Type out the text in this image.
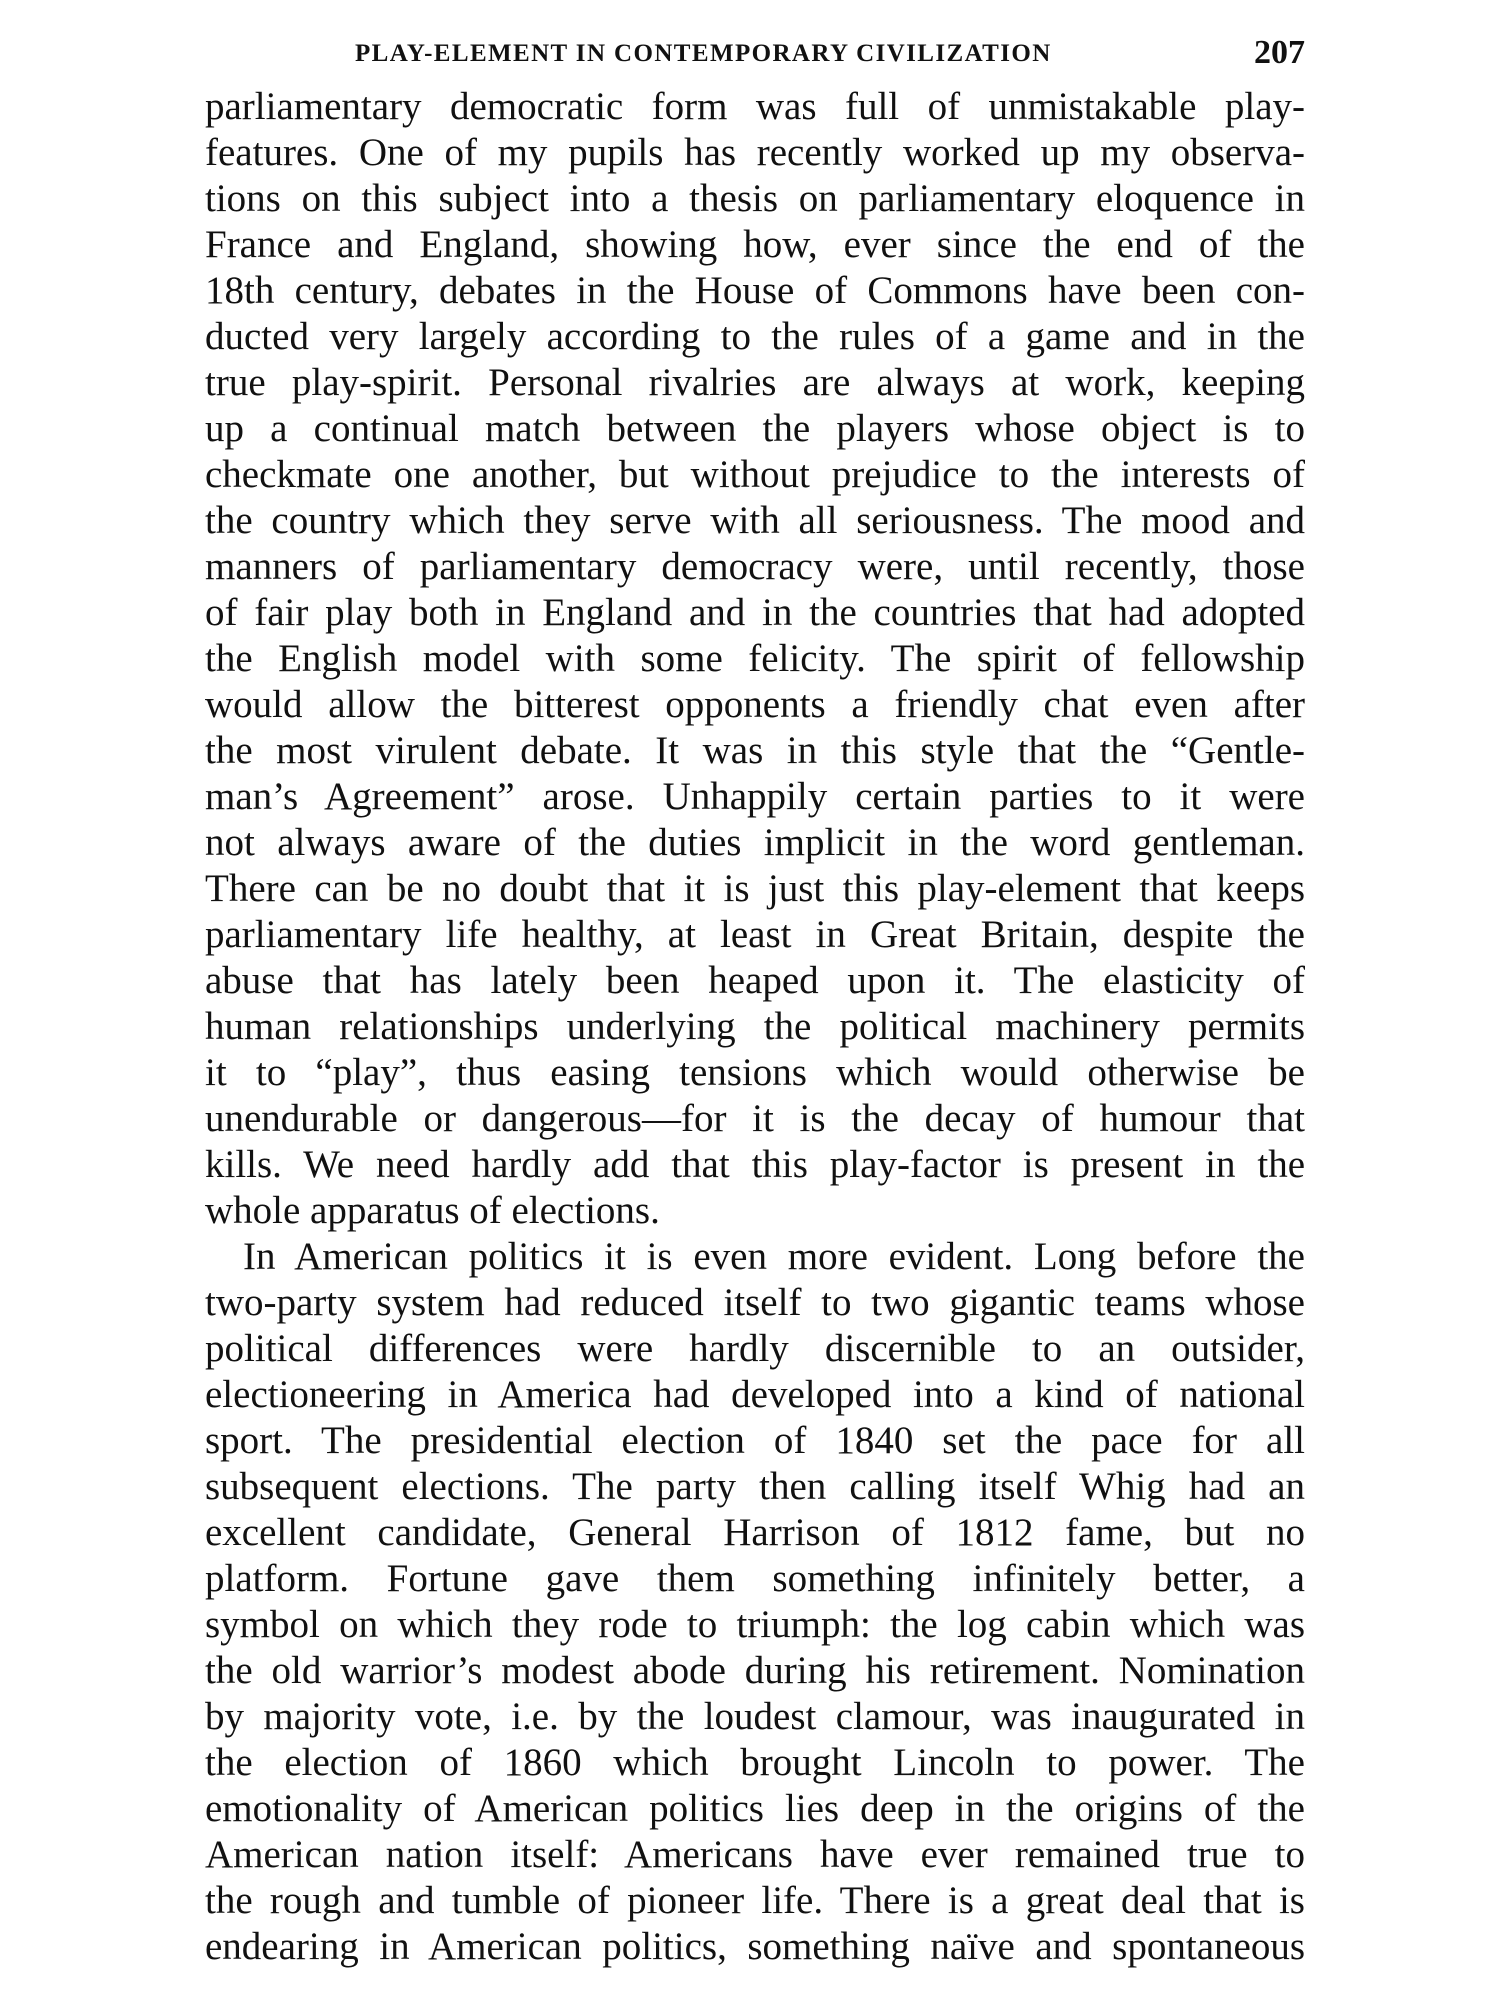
PLAY-ELEMENT IN CONTEMPORARY CIVILIZATION	207
parliamentary democratic form was full of unmistakable play-
features. One of my pupils has recently worked up my observa-
tions on this subject into a thesis on parliamentary eloquence in
France and England, showing how, ever since the end of the
18th century, debates in the House of Commons have been con-
ducted very largely according to the rules of a game and in the
true play-spirit. Personal rivalries are always at work, keeping
up a continual match between the players whose object is to
checkmate one another, but without prejudice to the interests of
the country which they serve with all seriousness. The mood and
manners of parliamentary democracy were, until recently, those
of fair play both in England and in the countries that had adopted
the English model with some felicity. The spirit of fellowship
would allow the bitterest opponents a friendly chat even after
the most virulent debate. It was in this style that the “Gentle-
man’s Agreement” arose. Unhappily certain parties to it were
not always aware of the duties implicit in the word gentleman.
There can be no doubt that it is just this play-element that keeps
parliamentary life healthy, at least in Great Britain, despite the
abuse that has lately been heaped upon it. The elasticity of
human relationships underlying the political machinery permits
it to “play”, thus easing tensions which would otherwise be
unendurable or dangerous—for it is the decay of humour that
kills. We need hardly add that this play-factor is present in the
whole apparatus of elections.
In American politics it is even more evident. Long before the
two-party system had reduced itself to two gigantic teams whose
political differences were hardly discernible to an outsider,
electioneering in America had developed into a kind of national
sport. The presidential election of 1840 set the pace for all
subsequent elections. The party then calling itself Whig had an
excellent candidate, General Harrison of 1812 fame, but no
platform. Fortune gave them something infinitely better, a
symbol on which they rode to triumph: the log cabin which was
the old warrior’s modest abode during his retirement. Nomination
by majority vote, i.e. by the loudest clamour, was inaugurated in
the election of 1860 which brought Lincoln to power. The
emotionality of American politics lies deep in the origins of the
American nation itself: Americans have ever remained true to
the rough and tumble of pioneer life. There is a great deal that is
endearing in American politics, something naïve and spontaneous
